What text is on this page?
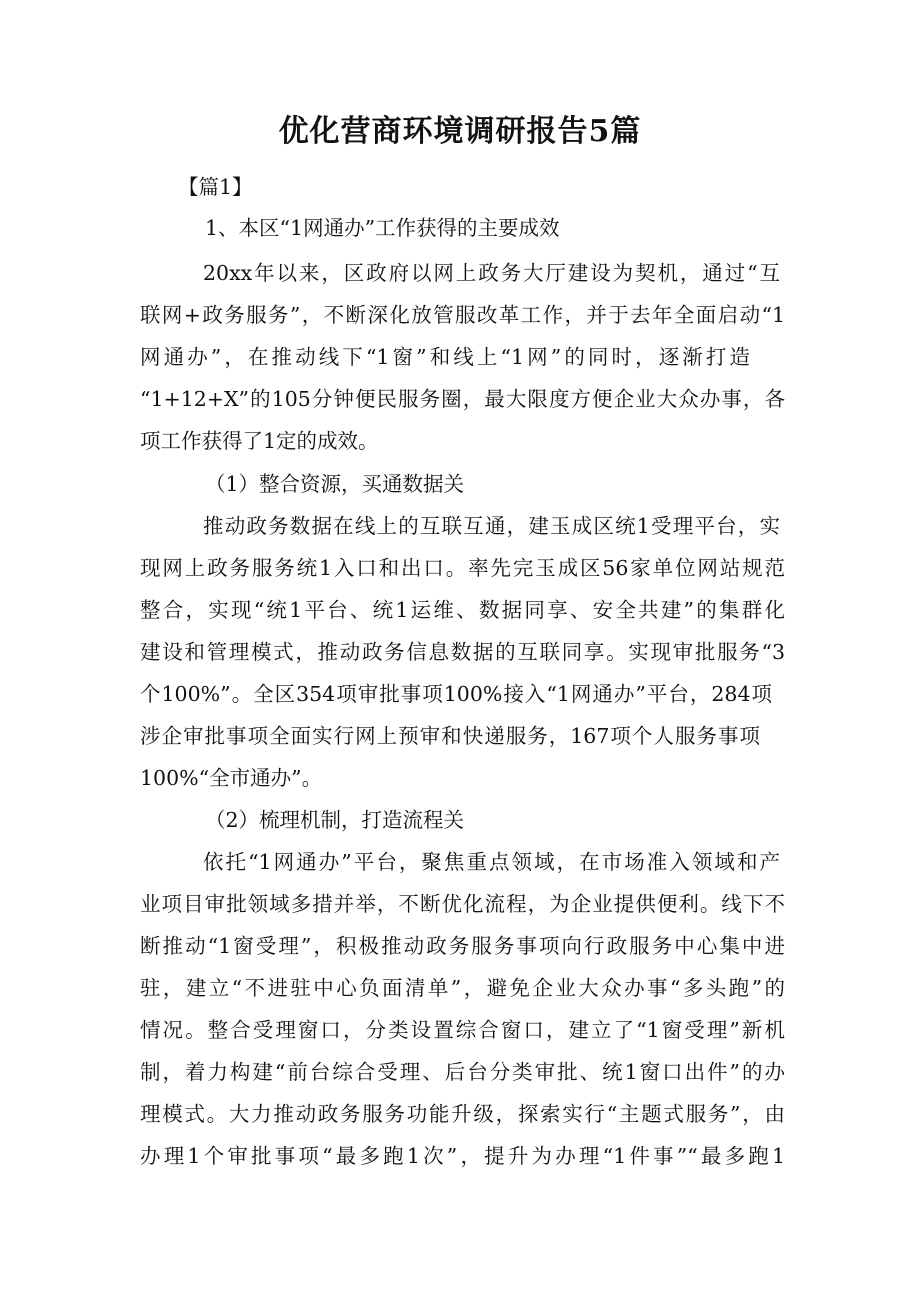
优化营商环境调研报告5篇

【篇1】

1、本区“1网通办”工作获得的主要成效

20xx年以来，区政府以网上政务大厅建设为契机，通过“互

联网+政务服务”，不断深化放管服改革工作，并于去年全面启动“1

网通办”，在推动线下“1窗”和线上“1网”的同时，逐渐打造

“1+12+X”的105分钟便民服务圈，最大限度方便企业大众办事，各

项工作获得了1定的成效。

（1）整合资源，买通数据关

推动政务数据在线上的互联互通，建玉成区统1受理平台，实

现网上政务服务统1入口和出口。率先完玉成区56家单位网站规范

整合，实现“统1平台、统1运维、数据同享、安全共建”的集群化

建设和管理模式，推动政务信息数据的互联同享。实现审批服务“3

个100%”。全区354项审批事项100%接入“1网通办”平台，284项

涉企审批事项全面实行网上预审和快递服务，167项个人服务事项

100%“全市通办”。

（2）梳理机制，打造流程关

依托“1网通办”平台，聚焦重点领域，在市场准入领域和产

业项目审批领域多措并举，不断优化流程，为企业提供便利。线下不

断推动“1窗受理”，积极推动政务服务事项向行政服务中心集中进

驻，建立“不进驻中心负面清单”，避免企业大众办事“多头跑”的

情况。整合受理窗口，分类设置综合窗口，建立了“1窗受理”新机

制，着力构建“前台综合受理、后台分类审批、统1窗口出件”的办

理模式。大力推动政务服务功能升级，探索实行“主题式服务”，由

办理1个审批事项“最多跑1次”，提升为办理“1件事”“最多跑1
